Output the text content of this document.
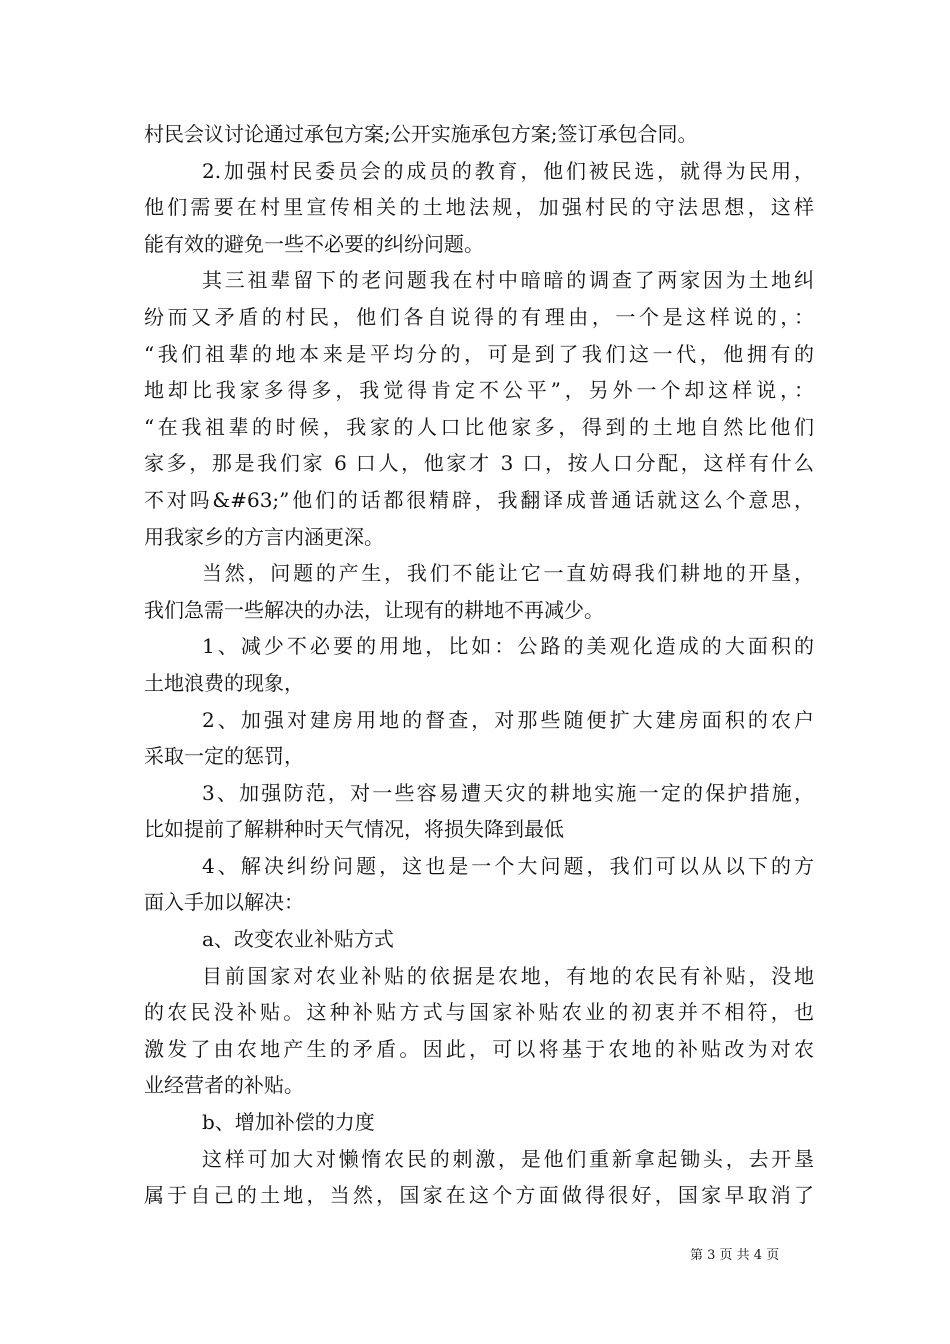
村民会议讨论通过承包方案;公开实施承包方案;签订承包合同。
2.加强村民委员会的成员的教育，他们被民选，就得为民用，
他们需要在村里宣传相关的土地法规，加强村民的守法思想，这样
能有效的避免一些不必要的纠纷问题。
其三祖辈留下的老问题我在村中暗暗的调查了两家因为土地纠
纷而又矛盾的村民，他们各自说得的有理由，一个是这样说的，：
“我们祖辈的地本来是平均分的，可是到了我们这一代，他拥有的
地却比我家多得多，我觉得肯定不公平”，另外一个却这样说，：
“在我祖辈的时候，我家的人口比他家多，得到的土地自然比他们
家多，那是我们家 6 口人，他家才 3 口，按人口分配，这样有什么
不对吗&#63;”他们的话都很精辟，我翻译成普通话就这么个意思，
用我家乡的方言内涵更深。
当然，问题的产生，我们不能让它一直妨碍我们耕地的开垦，
我们急需一些解决的办法，让现有的耕地不再减少。
1、减少不必要的用地，比如：公路的美观化造成的大面积的
土地浪费的现象，
2、加强对建房用地的督查，对那些随便扩大建房面积的农户
采取一定的惩罚，
3、加强防范，对一些容易遭天灾的耕地实施一定的保护措施，
比如提前了解耕种时天气情况，将损失降到最低
4、解决纠纷问题，这也是一个大问题，我们可以从以下的方
面入手加以解决：
a、改变农业补贴方式
目前国家对农业补贴的依据是农地，有地的农民有补贴，没地
的农民没补贴。这种补贴方式与国家补贴农业的初衷并不相符，也
激发了由农地产生的矛盾。因此，可以将基于农地的补贴改为对农
业经营者的补贴。
b、增加补偿的力度
这样可加大对懒惰农民的刺激，是他们重新拿起锄头，去开垦
属于自己的土地，当然，国家在这个方面做得很好，国家早取消了
第 3 页 共 4 页
